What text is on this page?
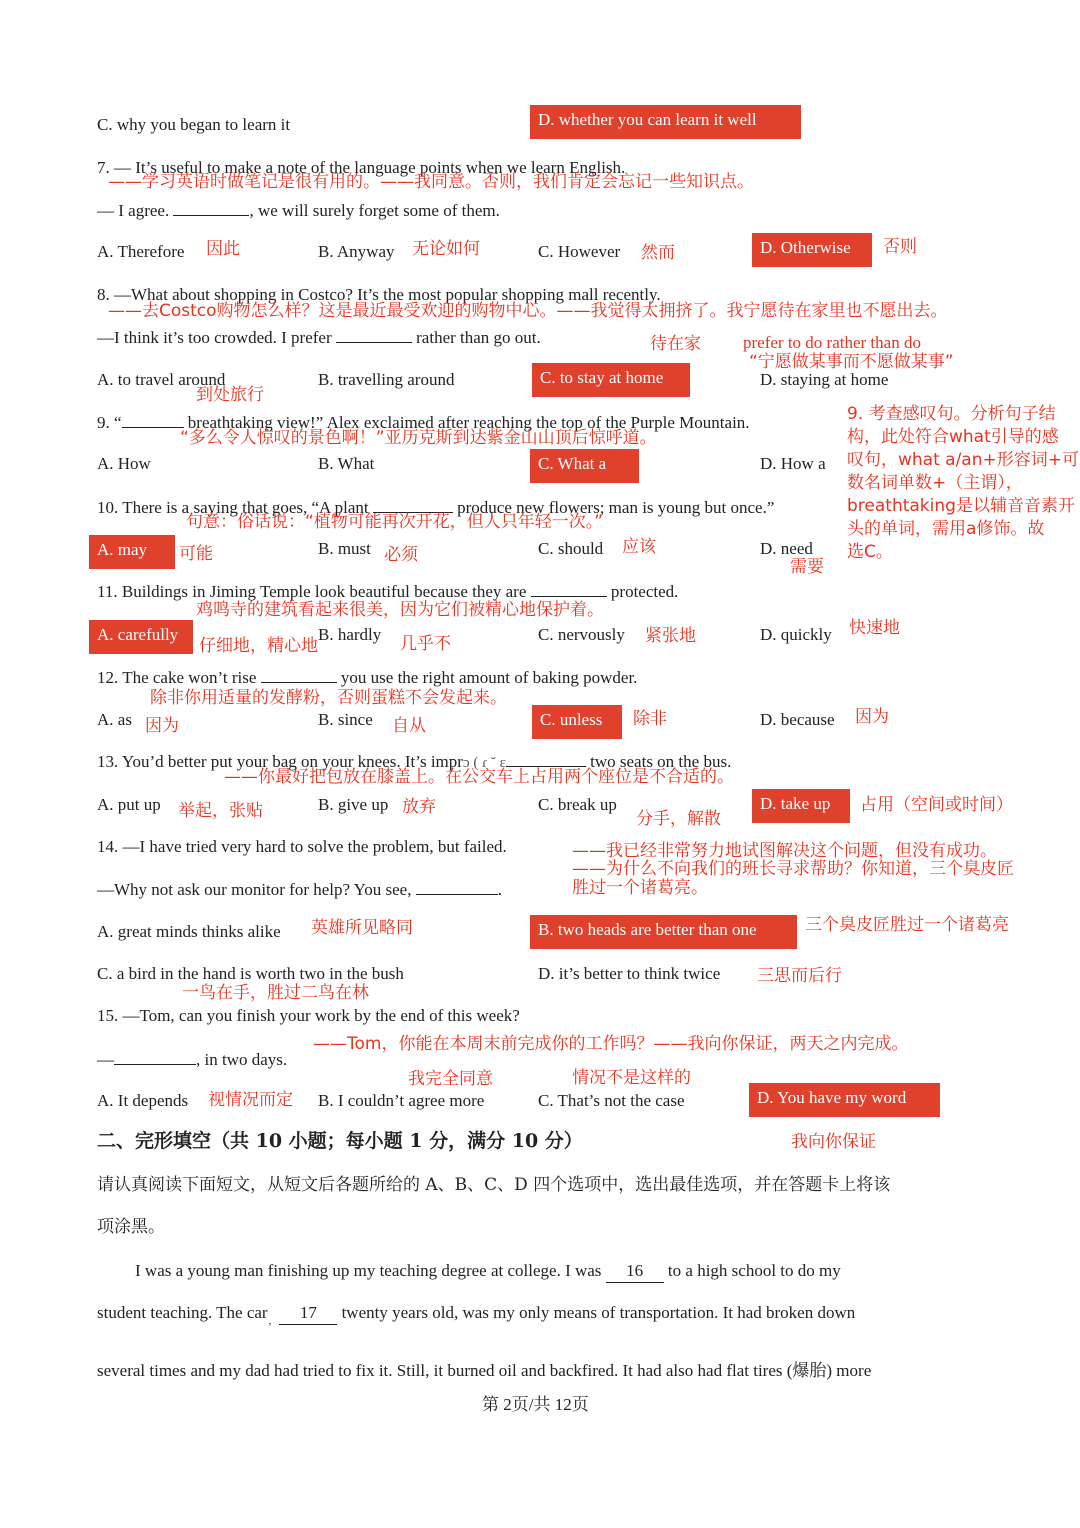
C. why you began to learn it	D. whether you can learn it well
7. — It’s useful to make a note of the language points when we learn English.
——学习英语时做笔记是很有用的。——我同意。否则，我们肯定会忘记一些知识点。
— I agree.	, we will surely forget some of them.
A. Therefore 因此	B. Anyway 无论如何	C. However 然而	D. Otherwise	否则
8. —What about shopping in Costco? It’s the most popular shopping mall recently.
——去Costco购物怎么样？这是最近最受欢迎的购物中心。——我觉得太拥挤了。我宁愿待在家里也不愿出去。
—I think it’s too crowded. I prefer	rather than go out.	待在家 prefer to do rather than do
“宁愿做某事而不愿做某事”
A. to travel around
到处旅行
B. travelling around	C. to stay at home	D. staying at home
9. “	breathtaking view!” Alex exclaimed after reaching the top of the Purple Mountain.
“多么令人惊叹的景色啊！”亚历克斯到达紫金山山顶后惊呼道。
A. How	B. What	C. What a	D. How a
9. 考查感叹句。分析句子结
构，此处符合what引导的感
叹句，what a/an+形容词+可
数名词单数+（主谓），
breathtaking是以辅音音素开
头的单词，需用a修饰。故
选C。
10. There is a saying that goes, “A plant	produce new flowers; man is young but once.”
句意：俗话说：“植物可能再次开花，但人只年轻一次。”
A. may	可能	B. must 必须	C. should 应该	D. need
需要
11. Buildings in Jiming Temple look beautiful because they are	protected.
鸡鸣寺的建筑看起来很美，因为它们被精心地保护着。
A. carefully
仔细地，精心地
B. hardly 几乎不	C. nervously 紧张地	D. quickly 快速地
12. The cake won’t rise	you use the right amount of baking powder.
除非你用适量的发酵粉，否则蛋糕不会发起来。
A. as 因为	B. since 自从	C. unless	除非	D. because 因为
13. You’d better put your bag on your knees. It’s impr​ɔ​ ( ɾ​ ˘ ɛ	two seats on the bus.
——你最好把包放在膝盖上。在公交车上占用两个座位是不合适的。
A. put up 举起，张贴	B. give up 放弃	C. break up
分手，解散
D. take up	占用（空间或时间）
14. —I have tried very hard to solve the problem, but failed.	——我已经非常努力地试图解决这个问题，但没有成功。
——为什么不向我们的班长寻求帮助？你知道，三个臭皮匠
胜过一个诸葛亮。
—Why not ask our monitor for help? You see,	.
A. great minds thinks alike 英雄所见略同	B. two heads are better than one	三个臭皮匠胜过一个诸葛亮
C. a bird in the hand is worth two in the bush
一鸟在手，胜过二鸟在林
D. it’s better to think twice 三思而后行
15. —Tom, can you finish your work by the end of this week?
——Tom，你能在本周末前完成你的工作吗？——我向你保证，两天之内完成。
—	, in two days.
我完全同意	情况不是这样的
A. It depends 视情况而定 B. I couldn’t agree more	C. That’s not the case	D. You have my word
我向你保证
二、完形填空（共 10 小题；每小题 1 分，满分 10 分）
请认真阅读下面短文，从短文后各题所给的 A、B、C、D 四个选项中，选出最佳选项，并在答题卡上将该
项涂黑。
I was a young man finishing up my teaching degree at college. I was 16 to a high school to do my
student teaching. The car$_,$ 17 twenty years old, was my only means of transportation. It had broken down
several times and my dad had tried to fix it. Still, it burned oil and backfired. It had also had flat tires (爆胎) more
第 2页/共 12页
